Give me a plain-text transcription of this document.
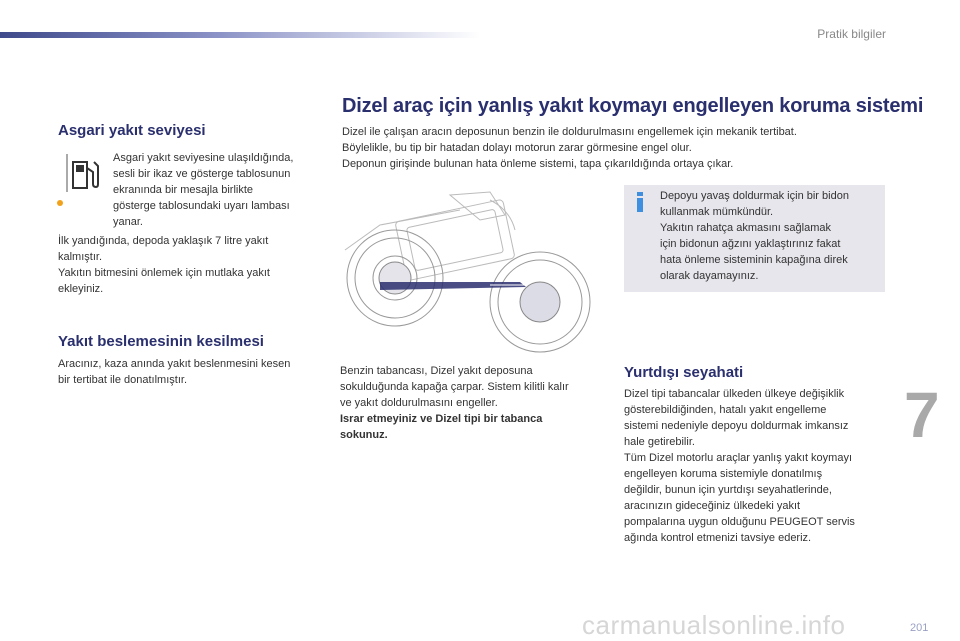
Pratik bilgiler
7
201
carmanualsonline.info
Asgari yakıt seviyesi

Asgari yakıt seviyesine ulaşıldığında,
sesli bir ikaz ve gösterge tablosunun
ekranında bir mesajla birlikte
gösterge tablosundaki uyarı lambası
yanar.

İlk yandığında, depoda yaklaşık 7 litre yakıt
kalmıştır.
Yakıtın bitmesini önlemek için mutlaka yakıt
ekleyiniz.

Yakıt beslemesinin kesilmesi

Aracınız, kaza anında yakıt beslenmesini kesen
bir tertibat ile donatılmıştır.

Dizel araç için yanlış yakıt koymayı engelleyen koruma sistemi

Dizel ile çalışan aracın deposunun benzin ile doldurulmasını engellemek için mekanik tertibat.
Böylelikle, bu tip bir hatadan dolayı motorun zarar görmesine engel olur.
Deponun girişinde bulunan hata önleme sistemi, tapa çıkarıldığında ortaya çıkar.

Depoyu yavaş doldurmak için bir bidon
kullanmak mümkündür.
Yakıtın rahatça akmasını sağlamak
için bidonun ağzını yaklaştırınız fakat
hata önleme sisteminin kapağına direk
olarak dayamayınız.

Benzin tabancası, Dizel yakıt deposuna
sokulduğunda kapağa çarpar. Sistem kilitli kalır
ve yakıt doldurulmasını engeller.
Israr etmeyiniz ve Dizel tipi bir tabanca
sokunuz.

Yurtdışı seyahati

Dizel tipi tabancalar ülkeden ülkeye değişiklik
gösterebildiğinden, hatalı yakıt engelleme
sistemi nedeniyle depoyu doldurmak imkansız
hale getirebilir.
Tüm Dizel motorlu araçlar yanlış yakıt koymayı
engelleyen koruma sistemiyle donatılmış
değildir, bunun için yurtdışı seyahatlerinde,
aracınızın gideceğiniz ülkedeki yakıt
pompalarına uygun olduğunu PEUGEOT servis
ağında kontrol etmenizi tavsiye ederiz.
